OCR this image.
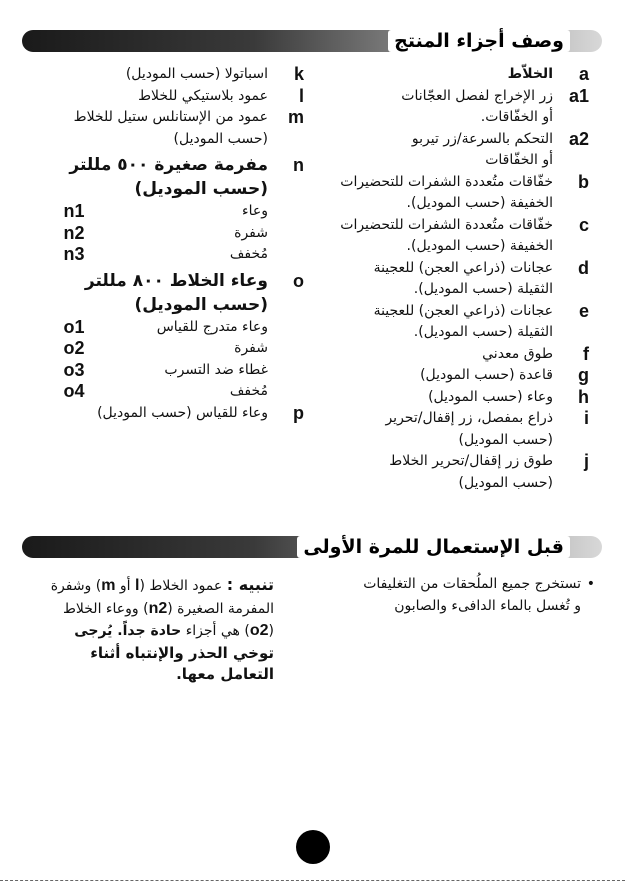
وصف أجزاء المنتج
a
الخلاّط
a1
زر الإخراج لفصل العجّانات
أو الخفّاقات.
a2
التحكم بالسرعة/زر تيربو
أو الخفّاقات
b
خفّاقات متُعددة الشفرات للتحضيرات
الخفيفة (حسب الموديل).
c
خفّاقات متُعددة الشفرات للتحضيرات
الخفيفة (حسب الموديل).
d
عجانات (ذراعي العجن) للعجينة
الثقيلة (حسب الموديل).
e
عجانات (ذراعي العجن) للعجينة
الثقيلة (حسب الموديل).
f
طوق معدني
g
قاعدة (حسب الموديل)
h
وعاء (حسب الموديل)
i
ذراع بمفصل، زر إقفال/تحرير
(حسب الموديل)
j
طوق زر إقفال/تحرير الخلاط
(حسب الموديل)
k
اسباتولا (حسب الموديل)
l
عمود بلاستيكي للخلاط
m
عمود من الإستانلس ستيل للخلاط
(حسب الموديل)
n
مفرمة صغيرة ٥٠٠ مللتر
(حسب الموديل)
وعاء n1
شفرة n2
مُخفف n3
o
وعاء الخلاط ٨٠٠ مللتر
(حسب الموديل)
وعاء متدرج للقياس o1
شفرة o2
غطاء ضد التسرب o3
مُخفف o4
p
وعاء للقياس (حسب الموديل)
قبل الإستعمال للمرة الأولى
•
تستخرج جميع الملُحقات من التغليفات
و تُغسل بالماء الدافىء والصابون
تنبيه : عمود الخلاط (l أو m) وشفرة
المفرمة الصغيرة (n2) ووعاء الخلاط
(o2) هي أجزاء حادة جداً. يُرجى
توخي الحذر والإنتباه أثناء
التعامل معها.
